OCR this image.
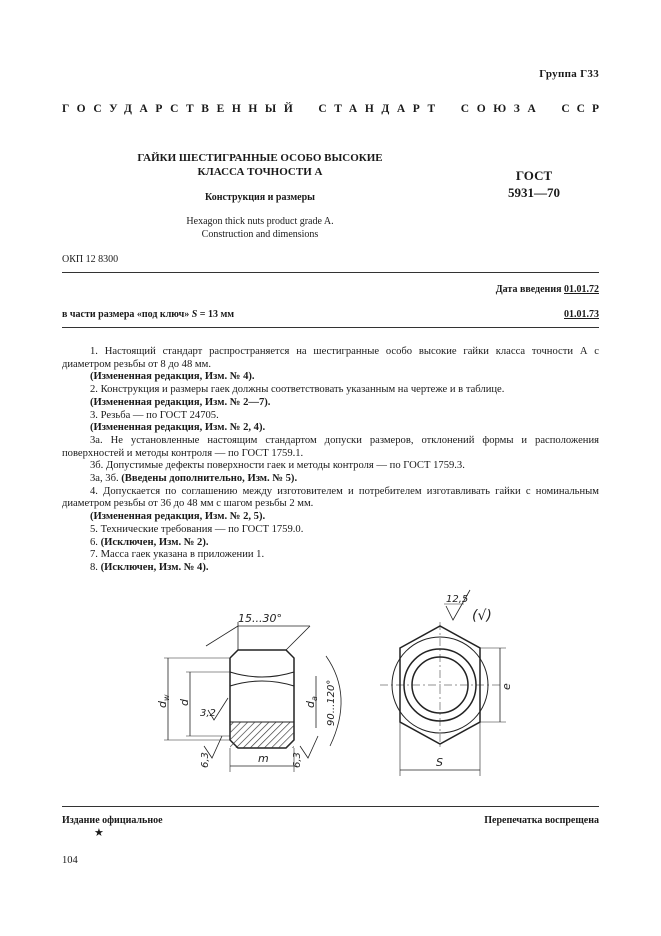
Группа Г33
ГОСУДАРСТВЕННЫЙ СТАНДАРТ СОЮЗА ССР
ГАЙКИ ШЕСТИГРАННЫЕ ОСОБО ВЫСОКИЕ
КЛАССА ТОЧНОСТИ А
Конструкция и размеры
Hexagon thick nuts product grade A.
Construction and dimensions
ГОСТ
5931—70
ОКП 12 8300
Дата введения 01.01.72
в части размера «под ключ» S = 13 мм	01.01.73

1. Настоящий стандарт распространяется на шестигранные особо высокие гайки класса точности А с диаметром резьбы от 8 до 48 мм.

(Измененная редакция, Изм. № 4).

2. Конструкция и размеры гаек должны соответствовать указанным на чертеже и в таблице.

(Измененная редакция, Изм. № 2—7).

3. Резьба — по ГОСТ 24705.

(Измененная редакция, Изм. № 2, 4).

3а. Не установленные настоящим стандартом допуски размеров, отклонений формы и расположения поверхностей и методы контроля — по ГОСТ 1759.1.

3б. Допустимые дефекты поверхности гаек и методы контроля — по ГОСТ 1759.3.

3а, 3б. (Введены дополнительно, Изм. № 5).

4. Допускается по соглашению между изготовителем и потребителем изготавливать гайки с номинальным диаметром резьбы от 36 до 48 мм с шагом резьбы 2 мм.

(Измененная редакция, Изм. № 2, 5).

5. Технические требования — по ГОСТ 1759.0.

6. (Исключен, Изм. № 2).

7. Масса гаек указана в приложении 1.

8. (Исключен, Изм. № 4).

15...30°
$d_w$
d
3,2
6,3	6,3
m
$d_a$ 90...120°
S
e
12,5
(√)
Издание официальное
★
Перепечатка воспрещена
104
